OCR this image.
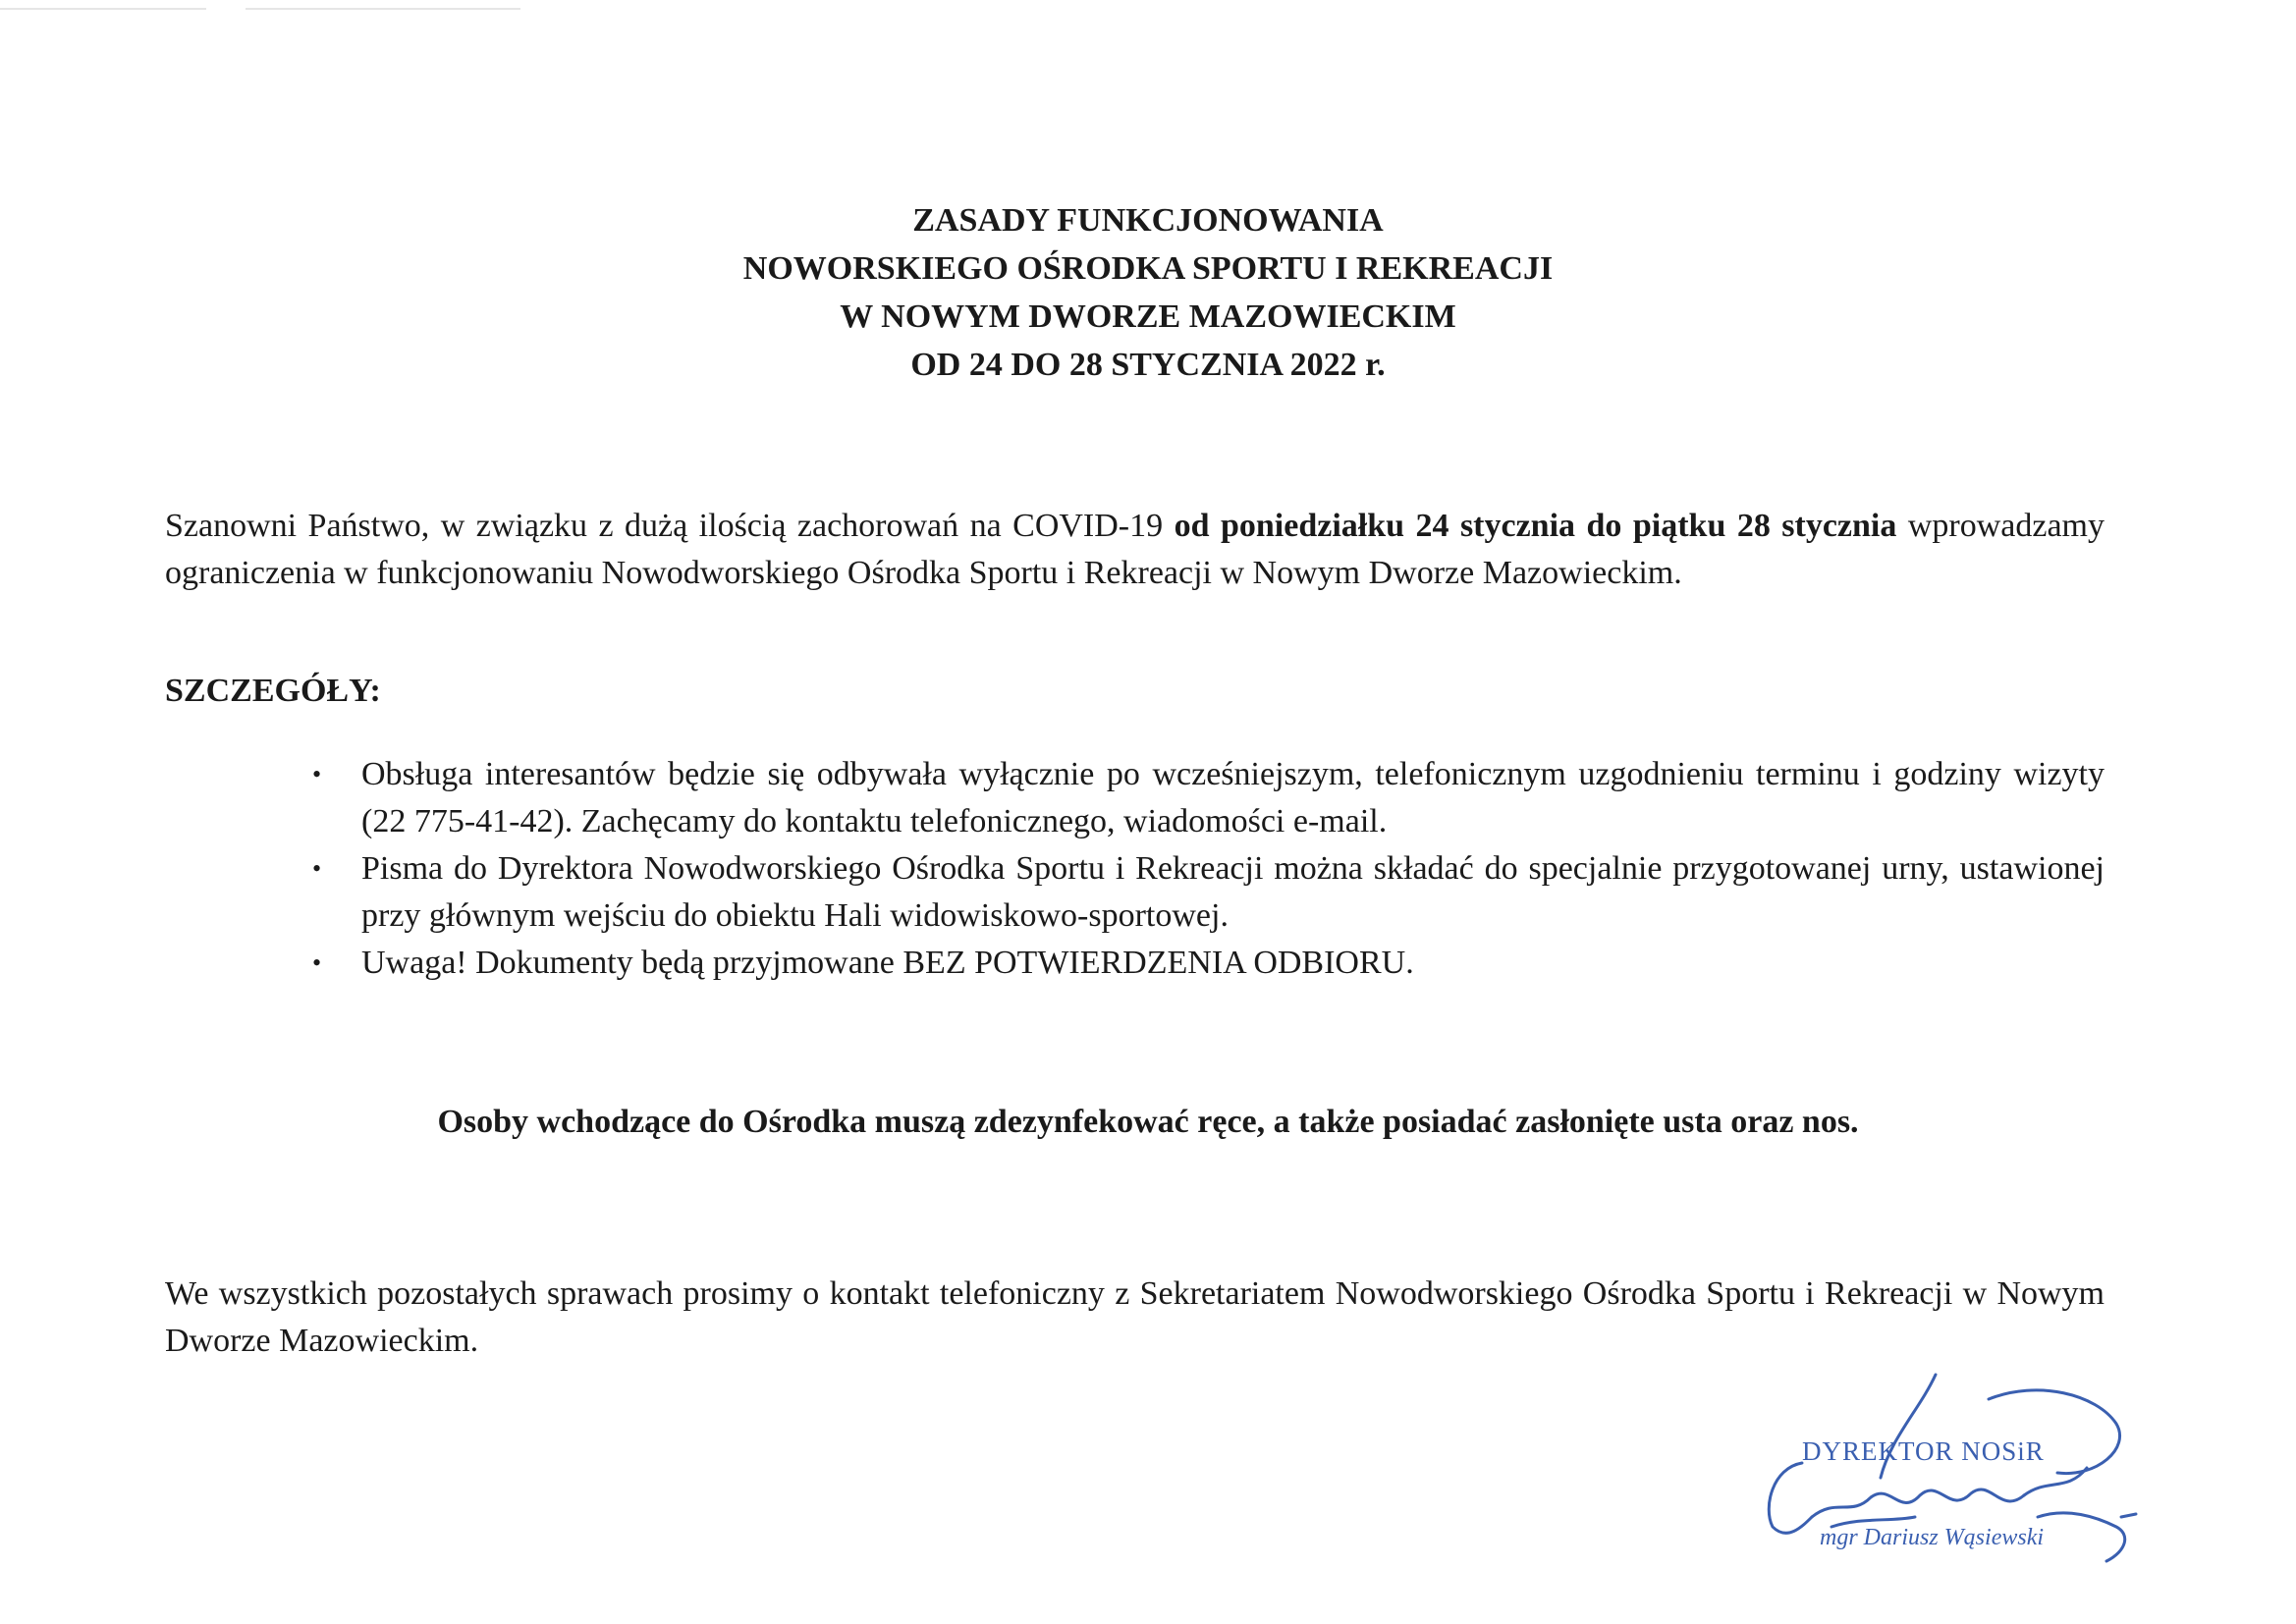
ZASADY FUNKCJONOWANIA
NOWORSKIEGO OŚRODKA SPORTU I REKREACJI
W NOWYM DWORZE MAZOWIECKIM
OD 24 DO 28 STYCZNIA 2022 r.

Szanowni Państwo, w związku z dużą ilością zachorowań na COVID-19 od poniedziałku 24 stycznia do piątku 28 stycznia wprowadzamy ograniczenia w funkcjonowaniu Nowodworskiego Ośrodka Sportu i Rekreacji w Nowym Dworze Mazowieckim.

SZCZEGÓŁY:
• Obsługa interesantów będzie się odbywała wyłącznie po wcześniejszym, telefonicznym uzgodnieniu terminu i godziny wizyty (22 775-41-42). Zachęcamy do kontaktu telefonicznego, wiadomości e-mail.
• Pisma do Dyrektora Nowodworskiego Ośrodka Sportu i Rekreacji można składać do specjalnie przygotowanej urny, ustawionej przy głównym wejściu do obiektu Hali widowiskowo-sportowej.
• Uwaga! Dokumenty będą przyjmowane BEZ POTWIERDZENIA ODBIORU.
Osoby wchodzące do Ośrodka muszą zdezynfekować ręce, a także posiadać zasłonięte usta oraz nos.

We wszystkich pozostałych sprawach prosimy o kontakt telefoniczny z Sekretariatem Nowodworskiego Ośrodka Sportu i Rekreacji w Nowym Dworze Mazowieckim.

DYREKTOR NOSiR
mgr Dariusz Wąsiewski
